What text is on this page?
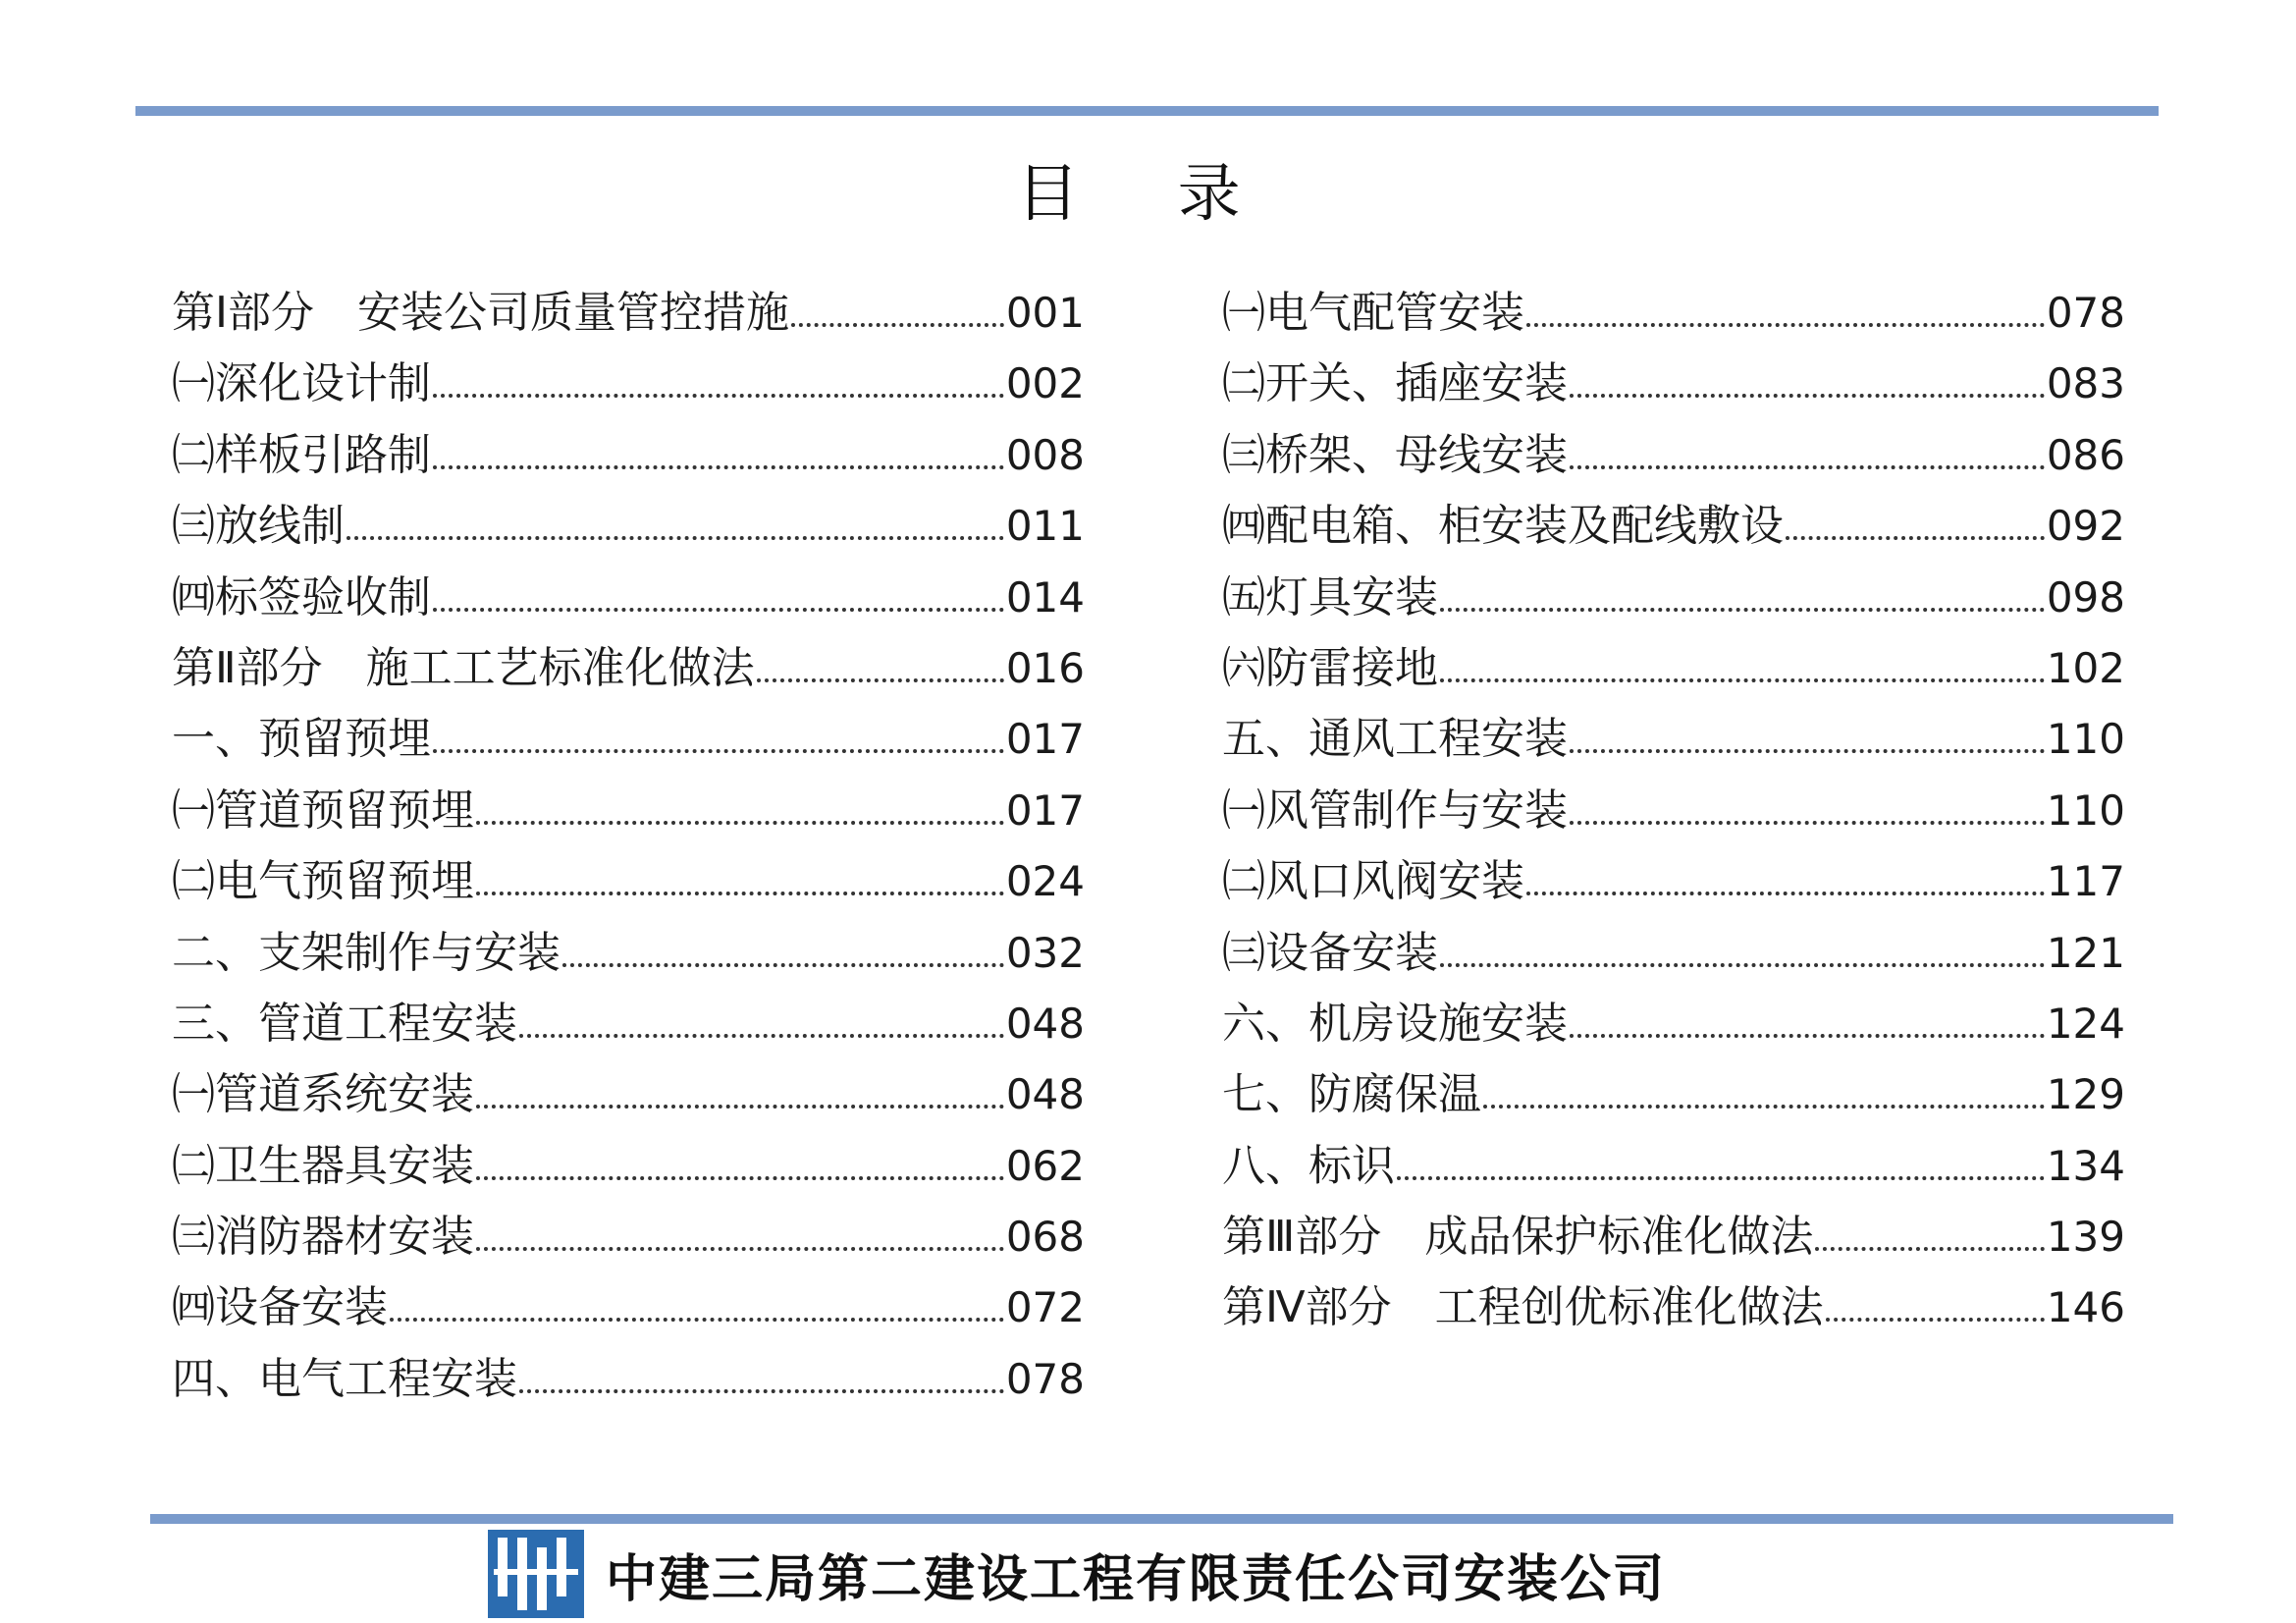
目 录
第Ⅰ部分　安装公司质量管控措施	001
㈠深化设计制	002
㈡样板引路制	008
㈢放线制	011
㈣标签验收制	014
第Ⅱ部分　施工工艺标准化做法	016
一、预留预埋	017
㈠管道预留预埋	017
㈡电气预留预埋	024
二、支架制作与安装	032
三、管道工程安装	048
㈠管道系统安装	048
㈡卫生器具安装	062
㈢消防器材安装	068
㈣设备安装	072
四、电气工程安装	078
㈠电气配管安装	078
㈡开关、插座安装	083
㈢桥架、母线安装	086
㈣配电箱、柜安装及配线敷设	092
㈤灯具安装	098
㈥防雷接地	102
五、通风工程安装	110
㈠风管制作与安装	110
㈡风口风阀安装	117
㈢设备安装	121
六、机房设施安装	124
七、防腐保温	129
八、标识	134
第Ⅲ部分　成品保护标准化做法	139
第Ⅳ部分　工程创优标准化做法	146
中建三局第二建设工程有限责任公司安装公司
